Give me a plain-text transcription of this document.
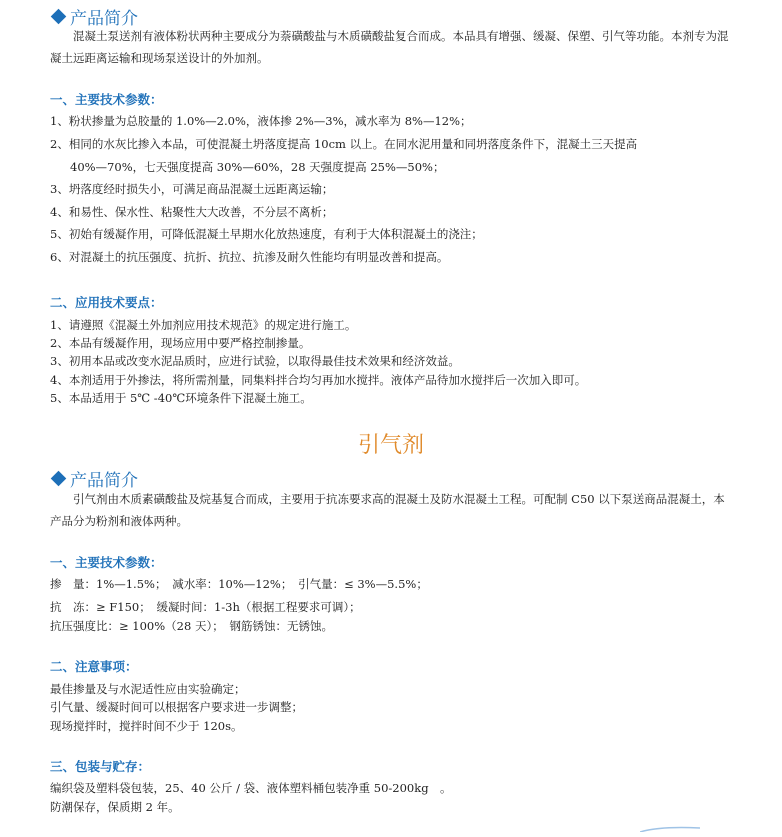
产品简介
混凝土泵送剂有液体粉状两种主要成分为萘磺酸盐与木质磺酸盐复合而成。本品具有增强、缓凝、保塑、引气等功能。本剂专为混凝土远距离运输和现场泵送设计的外加剂。
一、主要技术参数：
1、粉状掺量为总胶量的 1.0%—2.0%，液体掺 2%—3%，减水率为 8%—12%；
2、相同的水灰比掺入本品，可使混凝土坍落度提高 10cm 以上。在同水泥用量和同坍落度条件下，混凝土三天提高
40%—70%，七天强度提高 30%—60%，28 天强度提高 25%—50%；
3、坍落度经时损失小，可满足商品混凝土远距离运输；
4、和易性、保水性、粘聚性大大改善，不分层不离析；
5、初始有缓凝作用，可降低混凝土早期水化放热速度，有利于大体积混凝土的浇注；
6、对混凝土的抗压强度、抗折、抗拉、抗渗及耐久性能均有明显改善和提高。
二、应用技术要点：
1、请遵照《混凝土外加剂应用技术规范》的规定进行施工。
2、本品有缓凝作用，现场应用中要严格控制掺量。
3、初用本品或改变水泥品质时，应进行试验，以取得最佳技术效果和经济效益。
4、本剂适用于外掺法，将所需剂量，同集料拌合均匀再加水搅拌。液体产品待加水搅拌后一次加入即可。
5、本品适用于 5℃ -40℃环境条件下混凝土施工。
引气剂
产品简介
引气剂由木质素磺酸盐及烷基复合而成，主要用于抗冻要求高的混凝土及防水混凝土工程。可配制 C50 以下泵送商品混凝土，本产品分为粉剂和液体两种。
一、主要技术参数：
掺　量：1%—1.5%；　减水率：10%—12%；　引气量：≤ 3%—5.5%；
抗　冻：≥ F150；　缓凝时间：1-3h（根据工程要求可调）；
抗压强度比：≥ 100%（28 天）；　钢筋锈蚀：无锈蚀。
二、注意事项：
最佳掺量及与水泥适性应由实验确定；
引气量、缓凝时间可以根据客户要求进一步调整；
现场搅拌时，搅拌时间不少于 120s。
三、包装与贮存：
编织袋及塑料袋包装，25、40 公斤 / 袋、液体塑料桶包装净重 50-200kg　。
防潮保存，保质期 2 年。
